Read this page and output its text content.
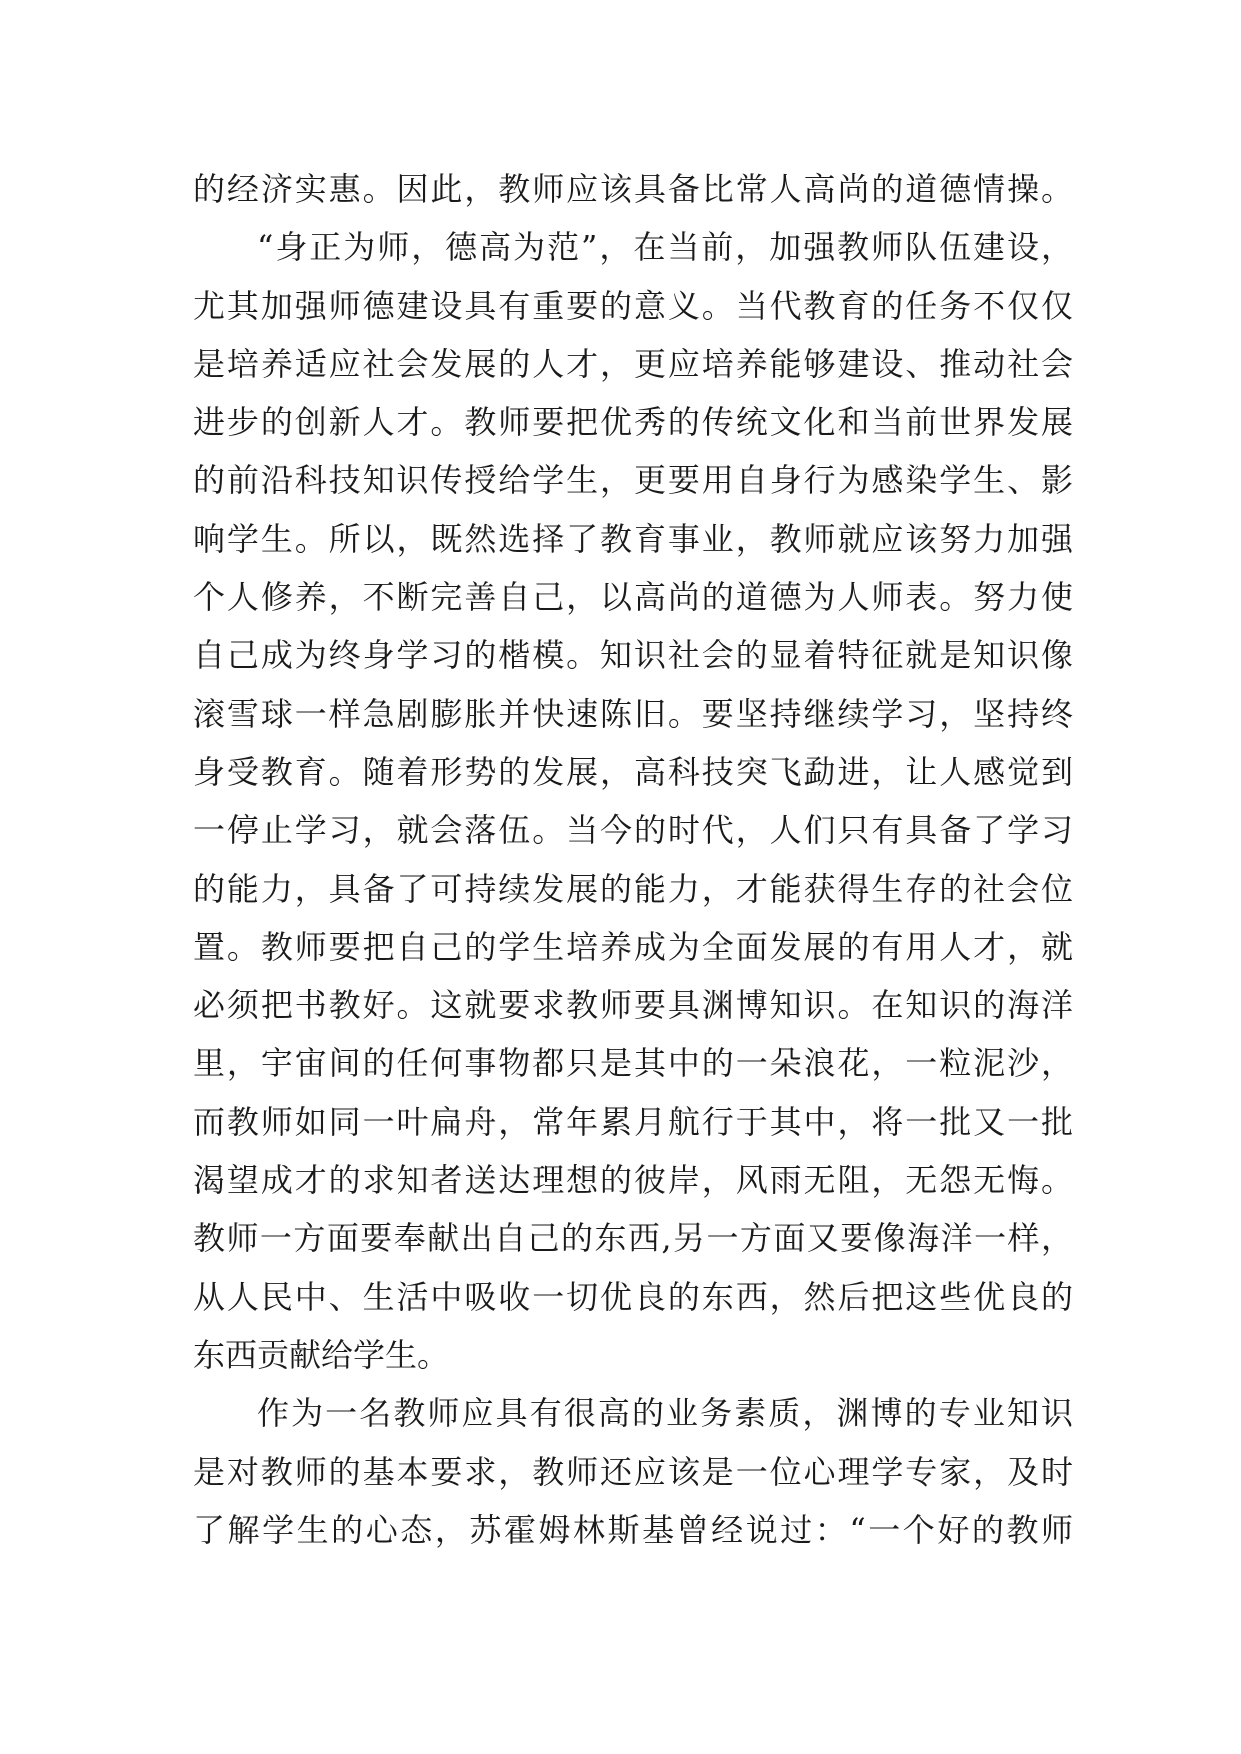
的经济实惠。因此，教师应该具备比常人高尚的道德情操。
“身正为师，德高为范”，在当前，加强教师队伍建设，
尤其加强师德建设具有重要的意义。当代教育的任务不仅仅
是培养适应社会发展的人才，更应培养能够建设、推动社会
进步的创新人才。教师要把优秀的传统文化和当前世界发展
的前沿科技知识传授给学生，更要用自身行为感染学生、影
响学生。所以，既然选择了教育事业，教师就应该努力加强
个人修养，不断完善自己，以高尚的道德为人师表。努力使
自己成为终身学习的楷模。知识社会的显着特征就是知识像
滚雪球一样急剧膨胀并快速陈旧。要坚持继续学习，坚持终
身受教育。随着形势的发展，高科技突飞勐进，让人感觉到
一停止学习，就会落伍。当今的时代，人们只有具备了学习
的能力，具备了可持续发展的能力，才能获得生存的社会位
置。教师要把自己的学生培养成为全面发展的有用人才，就
必须把书教好。这就要求教师要具渊博知识。在知识的海洋
里，宇宙间的任何事物都只是其中的一朵浪花，一粒泥沙，
而教师如同一叶扁舟，常年累月航行于其中，将一批又一批
渴望成才的求知者送达理想的彼岸，风雨无阻，无怨无悔。
教师一方面要奉献出自己的东西,另一方面又要像海洋一样，
从人民中、生活中吸收一切优良的东西，然后把这些优良的
东西贡献给学生。
作为一名教师应具有很高的业务素质，渊博的专业知识
是对教师的基本要求，教师还应该是一位心理学专家，及时
了解学生的心态，苏霍姆林斯基曾经说过：“一个好的教师
